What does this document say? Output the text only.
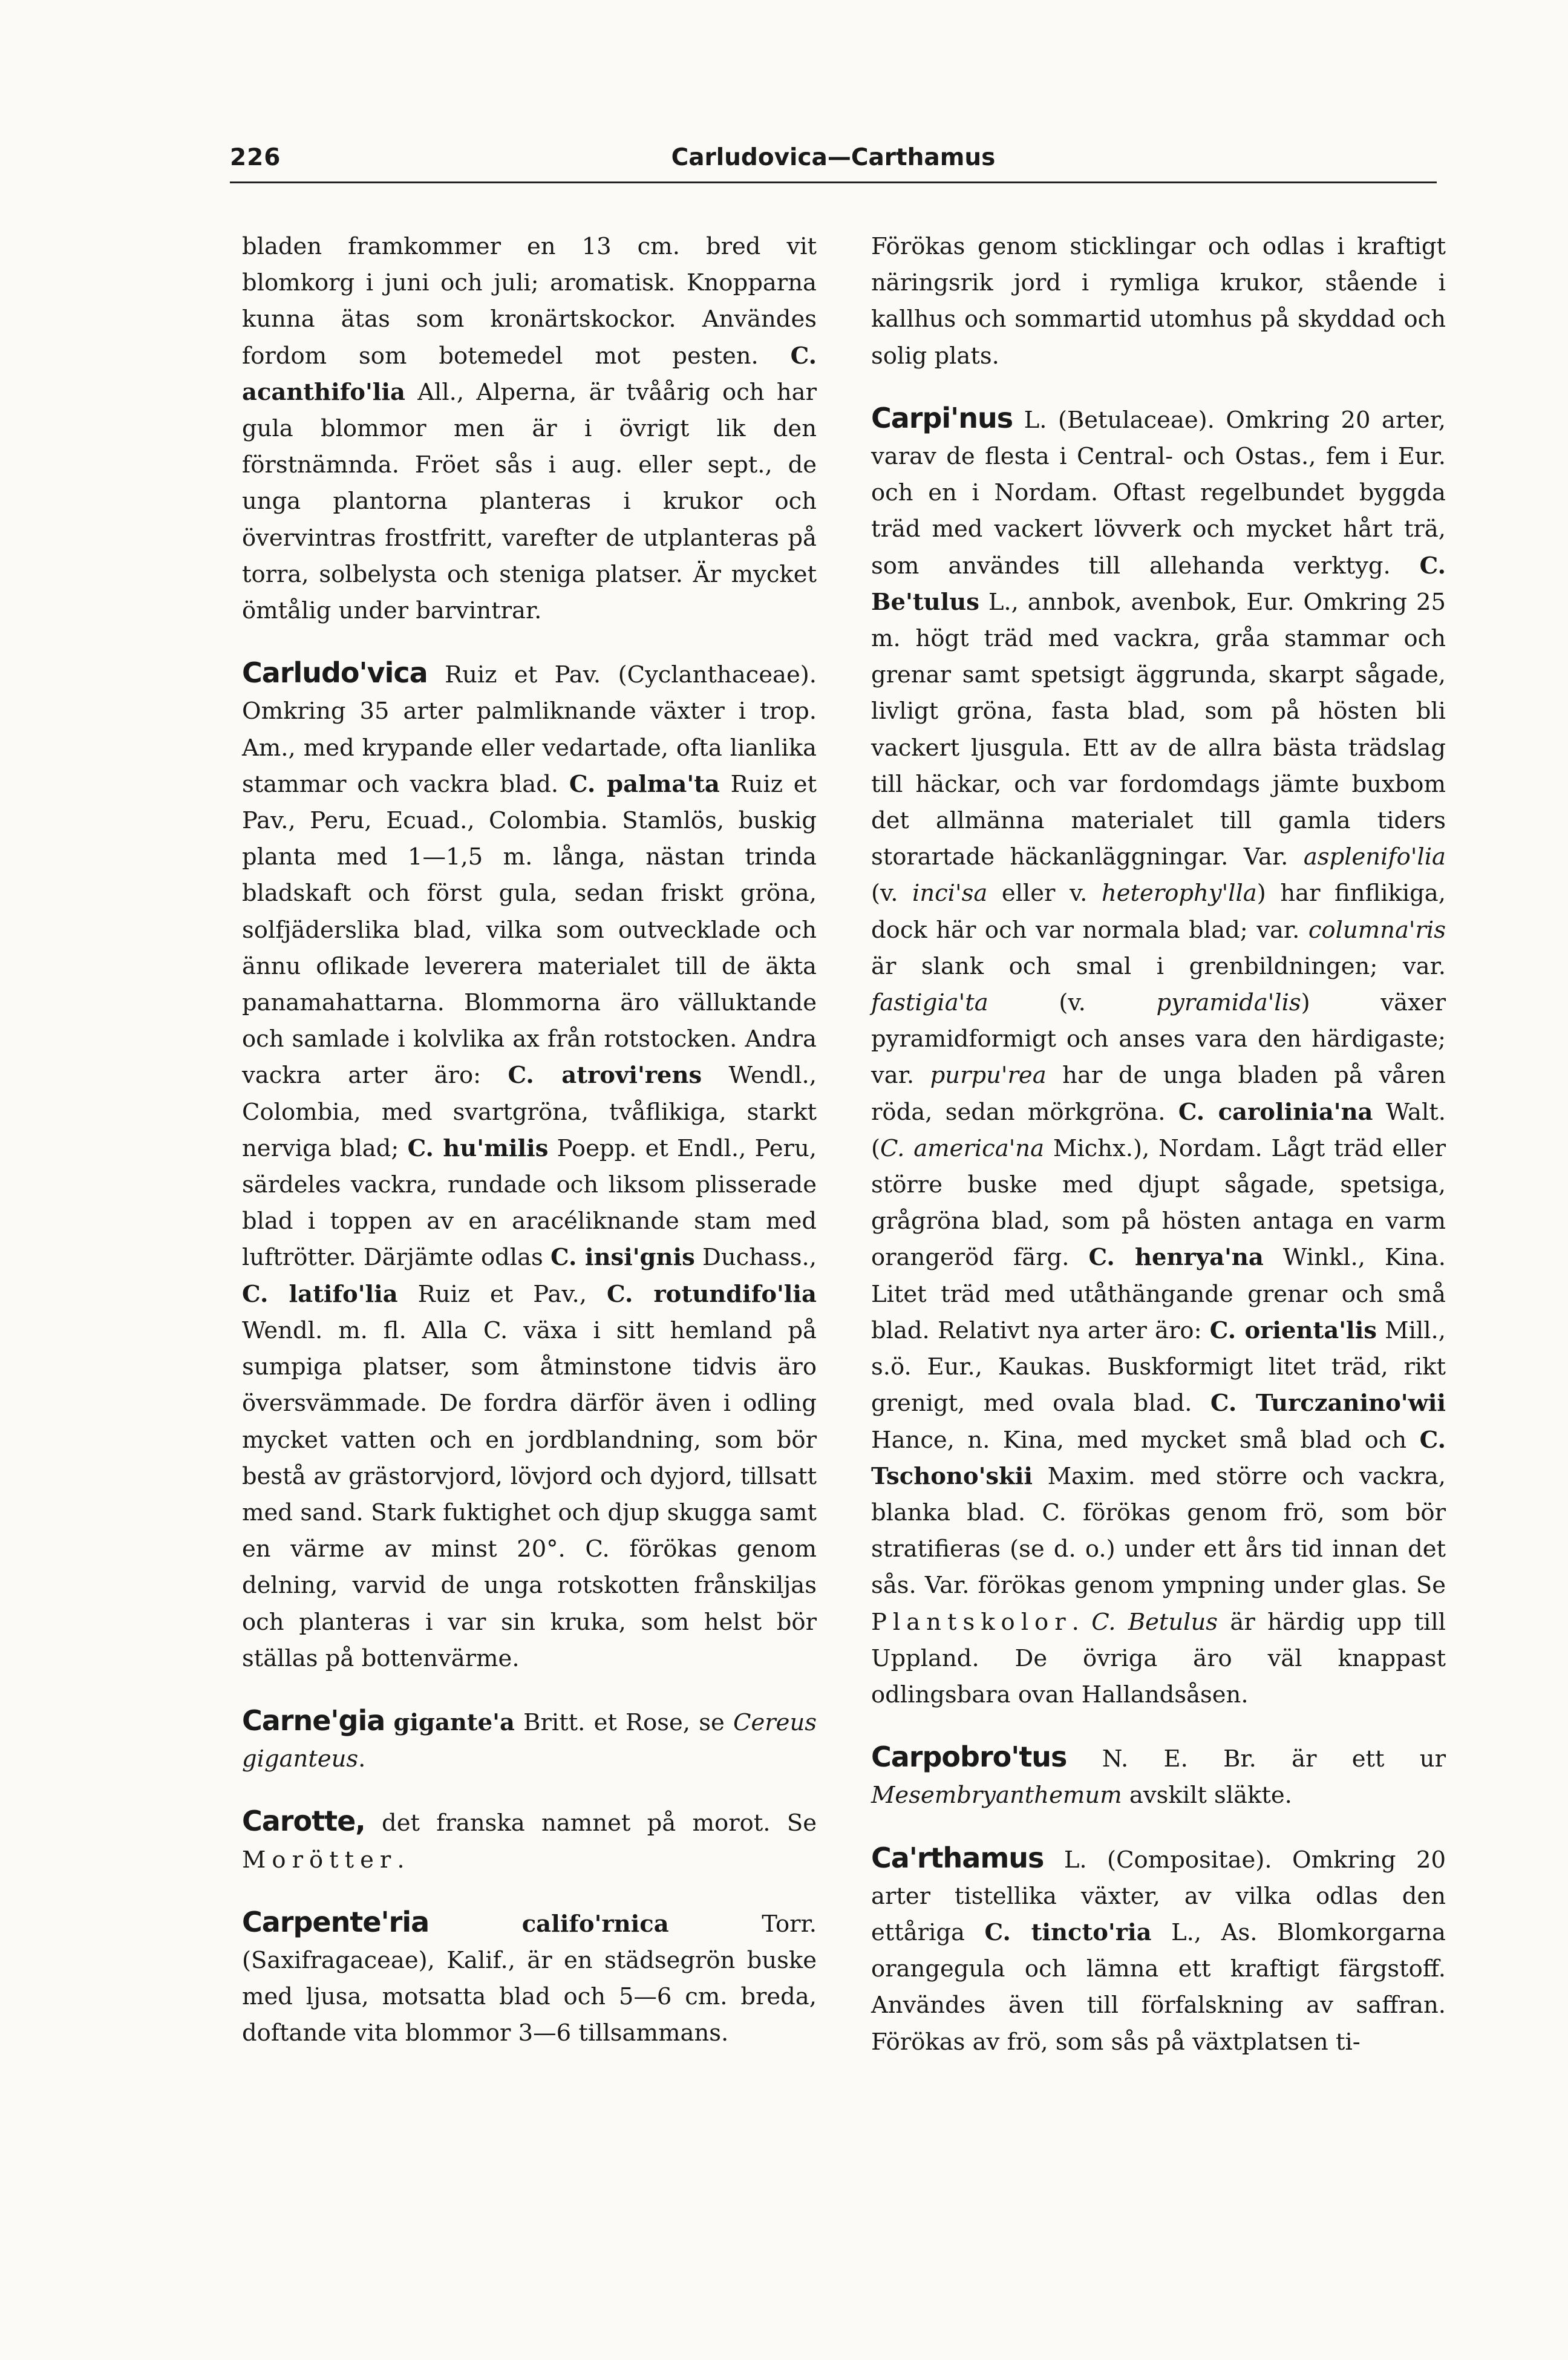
226	Carludovica—Carthamus

bladen framkommer en 13 cm. bred vit blomkorg i juni och juli; aromatisk. Knopparna kunna ätas som kronärtskockor. Användes fordom som botemedel mot pesten. C. acanthifo'lia All., Alperna, är tvåårig och har gula blommor men är i övrigt lik den förstnämnda. Fröet sås i aug. eller sept., de unga plantorna planteras i krukor och övervintras frostfritt, varefter de utplanteras på torra, solbelysta och steniga platser. Är mycket ömtålig under barvintrar.

Carludo'vica Ruiz et Pav. (Cyclanthaceae). Omkring 35 arter palmliknande växter i trop. Am., med krypande eller vedartade, ofta lianlika stammar och vackra blad. C. palma'ta Ruiz et Pav., Peru, Ecuad., Colombia. Stamlös, buskig planta med 1—1,5 m. långa, nästan trinda bladskaft och först gula, sedan friskt gröna, solfjäderslika blad, vilka som outvecklade och ännu oflikade leverera materialet till de äkta panamahattarna. Blommorna äro välluktande och samlade i kolvlika ax från rotstocken. Andra vackra arter äro: C. atrovi'rens Wendl., Colombia, med svartgröna, tvåflikiga, starkt nerviga blad; C. hu'milis Poepp. et Endl., Peru, särdeles vackra, rundade och liksom plisserade blad i toppen av en aracéliknande stam med luftrötter. Därjämte odlas C. insi'gnis Duchass., C. latifo'lia Ruiz et Pav., C. rotundifo'lia Wendl. m. fl. Alla C. växa i sitt hemland på sumpiga platser, som åtminstone tidvis äro översvämmade. De fordra därför även i odling mycket vatten och en jordblandning, som bör bestå av grästorvjord, lövjord och dyjord, tillsatt med sand. Stark fuktighet och djup skugga samt en värme av minst 20°. C. förökas genom delning, varvid de unga rotskotten frånskiljas och planteras i var sin kruka, som helst bör ställas på bottenvärme.

Carne'gia gigante'a Britt. et Rose, se Cereus giganteus.

Carotte, det franska namnet på morot. Se Morötter.

Carpente'ria	califo'rnica Torr. (Saxifragaceae), Kalif., är en städsegrön buske med ljusa, motsatta blad och 5—6 cm. breda, doftande vita blommor 3—6 tillsammans.

Förökas genom sticklingar och odlas i kraftigt näringsrik jord i rymliga krukor, stående i kallhus och sommartid utomhus på skyddad och solig plats.

Carpi'nus L. (Betulaceae). Omkring 20 arter, varav de flesta i Central- och Ostas., fem i Eur. och en i Nordam. Oftast regelbundet byggda träd med vackert lövverk och mycket hårt trä, som användes till allehanda verktyg. C. Be'tulus L., annbok, avenbok, Eur. Omkring 25 m. högt träd med vackra, gråa stammar och grenar samt spetsigt äggrunda, skarpt sågade, livligt gröna, fasta blad, som på hösten bli vackert ljusgula. Ett av de allra bästa trädslag till häckar, och var fordomdags jämte buxbom det allmänna materialet till gamla tiders storartade häckanläggningar. Var. asplenifo'lia (v. inci'sa eller v. heterophy'lla) har finflikiga, dock här och var normala blad; var. columna'ris är slank och smal i grenbildningen; var. fastigia'ta (v. pyramida'lis) växer pyramidformigt och anses vara den härdigaste; var. purpu'rea har de unga bladen på våren röda, sedan mörkgröna. C. carolinia'na Walt. (C. america'na Michx.), Nordam. Lågt träd eller större buske med djupt sågade, spetsiga, grågröna blad, som på hösten antaga en varm orangeröd färg. C. henrya'na Winkl., Kina. Litet träd med utåthängande grenar och små blad. Relativt nya arter äro: C. orienta'lis Mill., s.ö. Eur., Kaukas. Buskformigt litet träd, rikt grenigt, med ovala blad. C. Turczanino'wii Hance, n. Kina, med mycket små blad och C. Tschono'skii Maxim. med större och vackra, blanka blad. C. förökas genom frö, som bör stratifieras (se d. o.) under ett års tid innan det sås. Var. förökas genom ympning under glas. Se Plantskolor. C. Betulus är härdig upp till Uppland. De övriga äro väl knappast odlingsbara ovan Hallandsåsen.

Carpobro'tus N. E. Br. är ett ur Mesembryanthemum avskilt släkte.

Ca'rthamus L. (Compositae). Omkring 20 arter tistellika växter, av vilka odlas den ettåriga C. tincto'ria L., As. Blomkorgarna orangegula och lämna ett kraftigt färgstoff. Användes även till förfalskning av saffran. Förökas av frö, som sås på växtplatsen ti-
